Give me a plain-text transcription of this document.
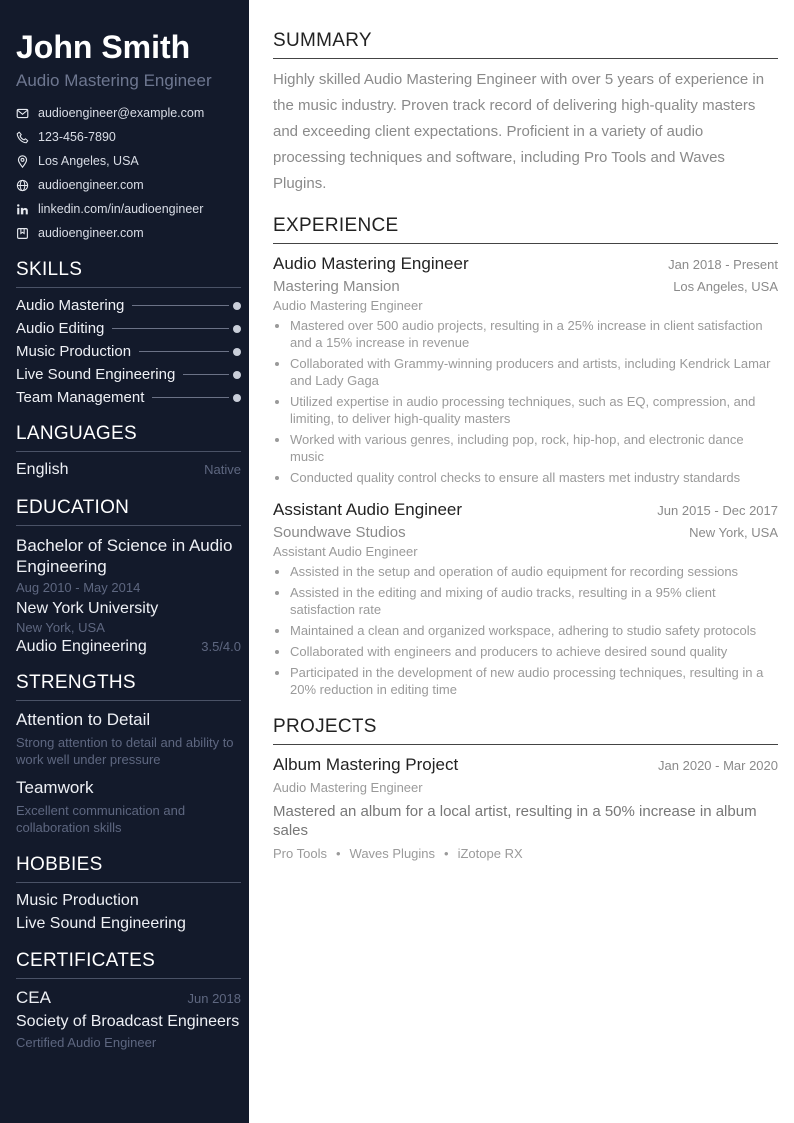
John Smith
Audio Mastering Engineer
audioengineer@example.com
123-456-7890
Los Angeles, USA
audioengineer.com
linkedin.com/in/audioengineer
audioengineer.com
SKILLS
Audio Mastering
Audio Editing
Music Production
Live Sound Engineering
Team Management
LANGUAGES
English	Native
EDUCATION
Bachelor of Science in Audio Engineering
Aug 2010 - May 2014
New York University
New York, USA
Audio Engineering	3.5/4.0
STRENGTHS
Attention to Detail
Strong attention to detail and ability to work well under pressure
Teamwork
Excellent communication and collaboration skills
HOBBIES
Music Production
Live Sound Engineering
CERTIFICATES
CEA	Jun 2018
Society of Broadcast Engineers
Certified Audio Engineer
SUMMARY
Highly skilled Audio Mastering Engineer with over 5 years of experience in the music industry. Proven track record of delivering high-quality masters and exceeding client expectations. Proficient in a variety of audio processing techniques and software, including Pro Tools and Waves Plugins.
EXPERIENCE
Audio Mastering Engineer	Jan 2018 - Present
Mastering Mansion	Los Angeles, USA
Audio Mastering Engineer
• Mastered over 500 audio projects, resulting in a 25% increase in client satisfaction and a 15% increase in revenue
• Collaborated with Grammy-winning producers and artists, including Kendrick Lamar and Lady Gaga
• Utilized expertise in audio processing techniques, such as EQ, compression, and limiting, to deliver high-quality masters
• Worked with various genres, including pop, rock, hip-hop, and electronic dance music
• Conducted quality control checks to ensure all masters met industry standards
Assistant Audio Engineer	Jun 2015 - Dec 2017
Soundwave Studios	New York, USA
Assistant Audio Engineer
• Assisted in the setup and operation of audio equipment for recording sessions
• Assisted in the editing and mixing of audio tracks, resulting in a 95% client satisfaction rate
• Maintained a clean and organized workspace, adhering to studio safety protocols
• Collaborated with engineers and producers to achieve desired sound quality
• Participated in the development of new audio processing techniques, resulting in a 20% reduction in editing time
PROJECTS
Album Mastering Project	Jan 2020 - Mar 2020
Audio Mastering Engineer
Mastered an album for a local artist, resulting in a 50% increase in album sales
Pro Tools • Waves Plugins • iZotope RX
